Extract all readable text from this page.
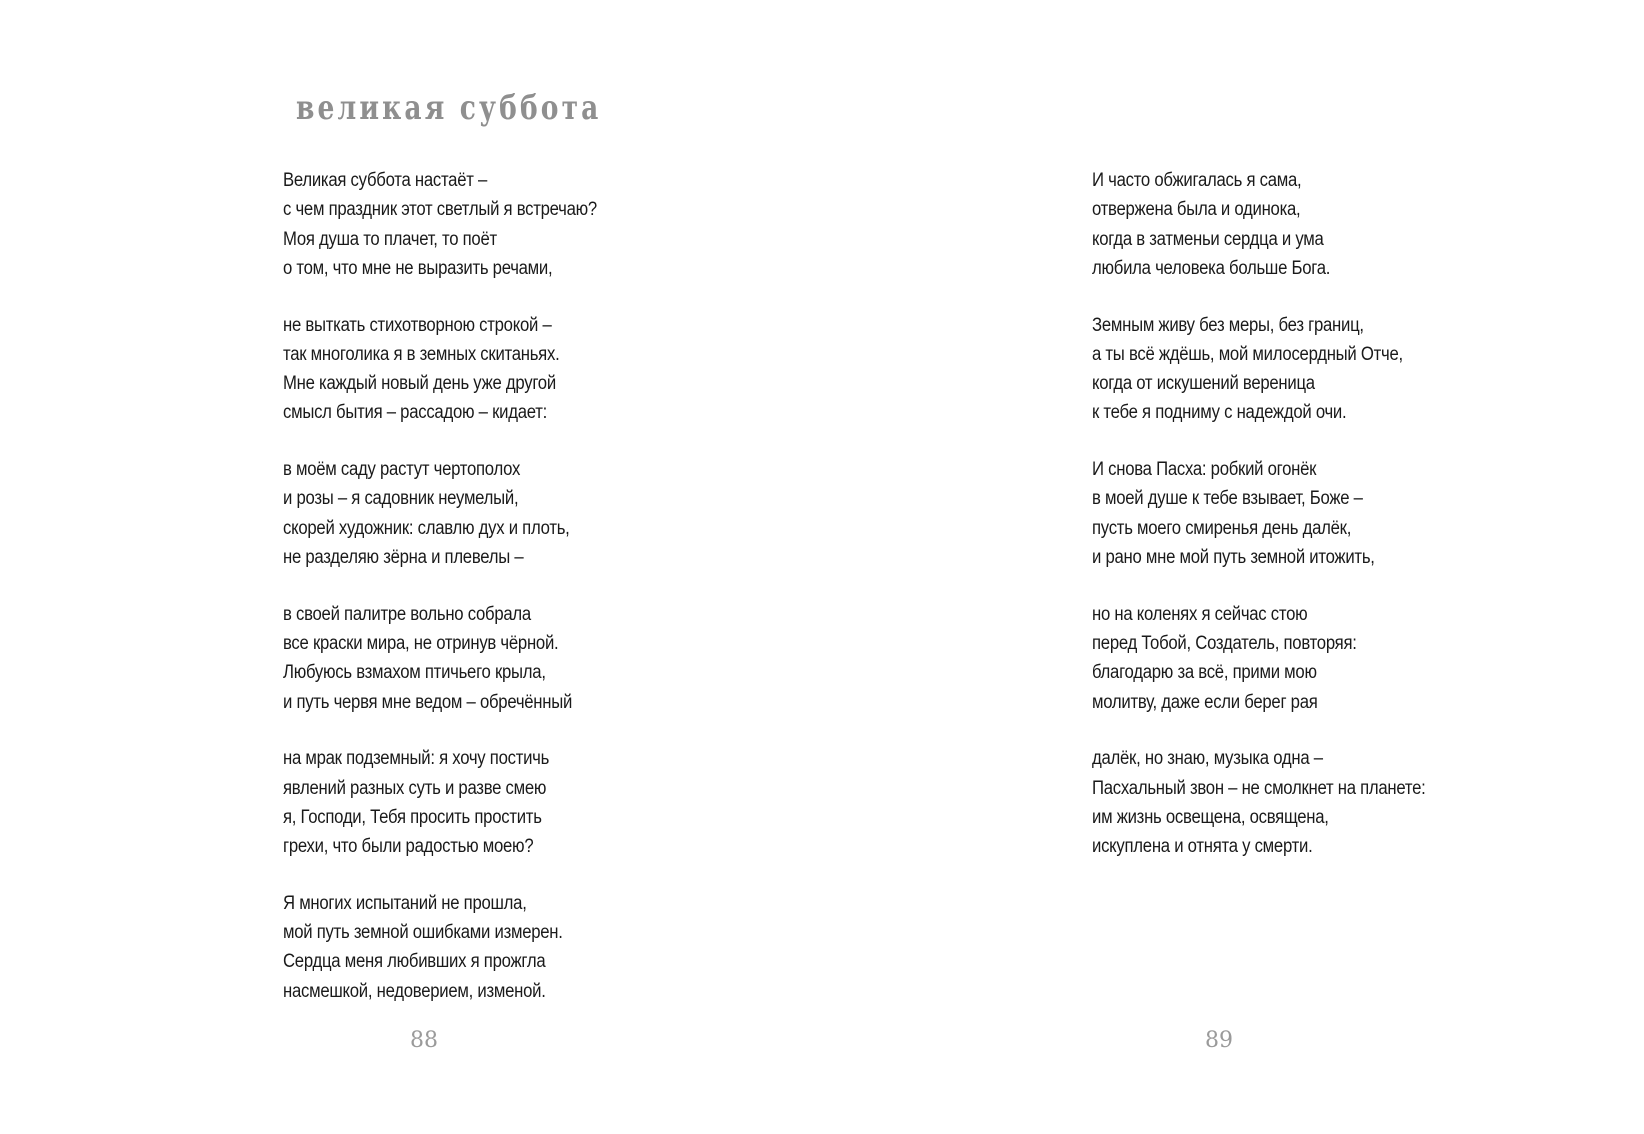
великая суббота
Великая суббота настаёт –
с чем праздник этот светлый я встречаю?
Моя душа то плачет, то поёт
о том, что мне не выразить речами,
не выткать стихотворною строкой –
так многолика я в земных скитаньях.
Мне каждый новый день уже другой
смысл бытия – рассадою – кидает:
в моём саду растут чертополох
и розы – я садовник неумелый,
скорей художник: славлю дух и плоть,
не разделяю зёрна и плевелы –
в своей палитре вольно собрала
все краски мира, не отринув чёрной.
Любуюсь взмахом птичьего крыла,
и путь червя мне ведом – обречённый
на мрак подземный: я хочу постичь
явлений разных суть и разве смею
я, Господи, Тебя просить простить
грехи, что были радостью моею?
Я многих испытаний не прошла,
мой путь земной ошибками измерен.
Сердца меня любивших я прожгла
насмешкой, недоверием, изменой.
88
И часто обжигалась я сама,
отвержена была и одинока,
когда в затменьи сердца и ума
любила человека больше Бога.
Земным живу без меры, без границ,
а ты всё ждёшь, мой милосердный Отче,
когда от искушений вереница
к тебе я подниму с надеждой очи.
И снова Пасха: робкий огонёк
в моей душе к тебе взывает, Боже –
пусть моего смиренья день далёк,
и рано мне мой путь земной итожить,
но на коленях я сейчас стою
перед Тобой, Создатель, повторяя:
благодарю за всё, прими мою
молитву, даже если берег рая
далёк, но знаю, музыка одна –
Пасхальный звон – не смолкнет на планете:
им жизнь освещена, освящена,
искуплена и отнята у смерти.
89
